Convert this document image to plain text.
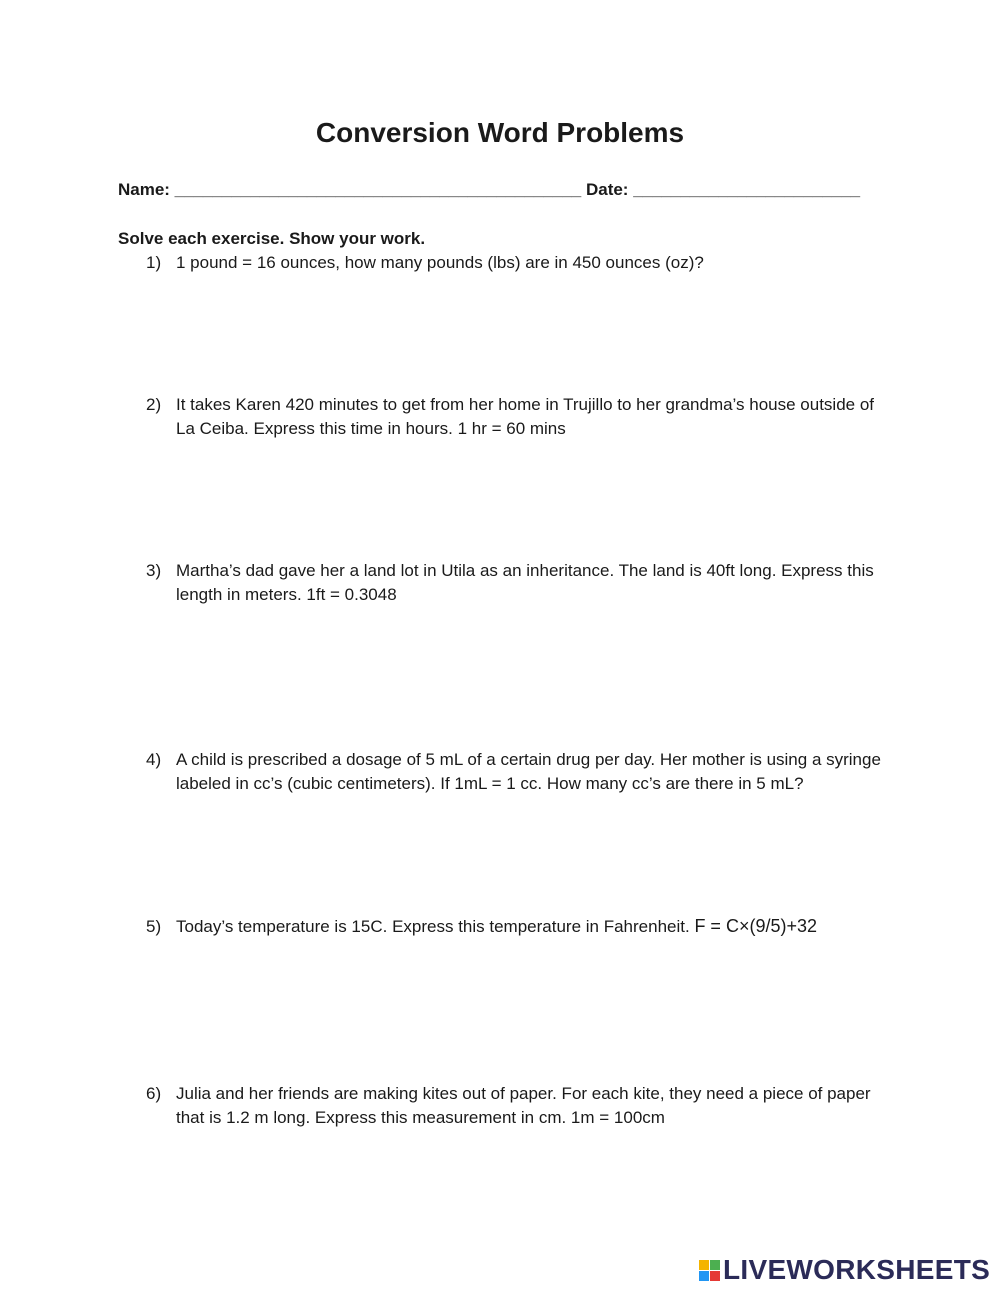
Conversion Word Problems
Name: ___________________________________________ Date: ________________________
Solve each exercise. Show your work.
1) 1 pound = 16 ounces, how many pounds (lbs) are in 450 ounces (oz)?
2) It takes Karen 420 minutes to get from her home in Trujillo to her grandma’s house outside of La Ceiba. Express this time in hours. 1 hr = 60 mins
3) Martha’s dad gave her a land lot in Utila as an inheritance. The land is 40ft long. Express this length in meters. 1ft = 0.3048
4) A child is prescribed a dosage of 5 mL of a certain drug per day. Her mother is using a syringe labeled in cc’s (cubic centimeters). If 1mL = 1 cc. How many cc’s are there in 5 mL?
5) Today’s temperature is 15C. Express this temperature in Fahrenheit. F = C×(9/5)+32
6) Julia and her friends are making kites out of paper. For each kite, they need a piece of paper that is 1.2 m long. Express this measurement in cm. 1m = 100cm
LIVEWORKSHEETS
